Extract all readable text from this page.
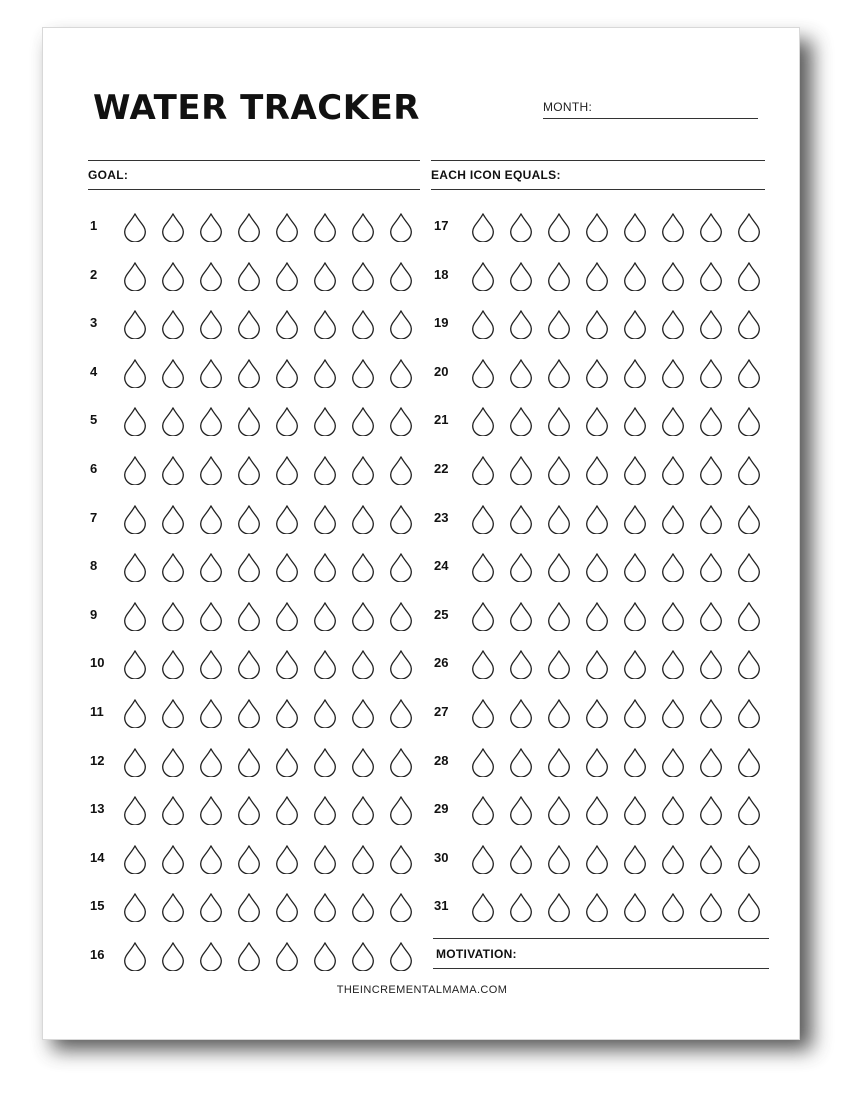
WATER TRACKER	MONTH:
GOAL:	EACH ICON EQUALS:
1
2
3
4
5
6
7
8
9
10
11
12
13
14
15
16
17
18
19
20
21
22
23
24
25
26
27
28
29
30
31
MOTIVATION:
THEINCREMENTALMAMA.COM
